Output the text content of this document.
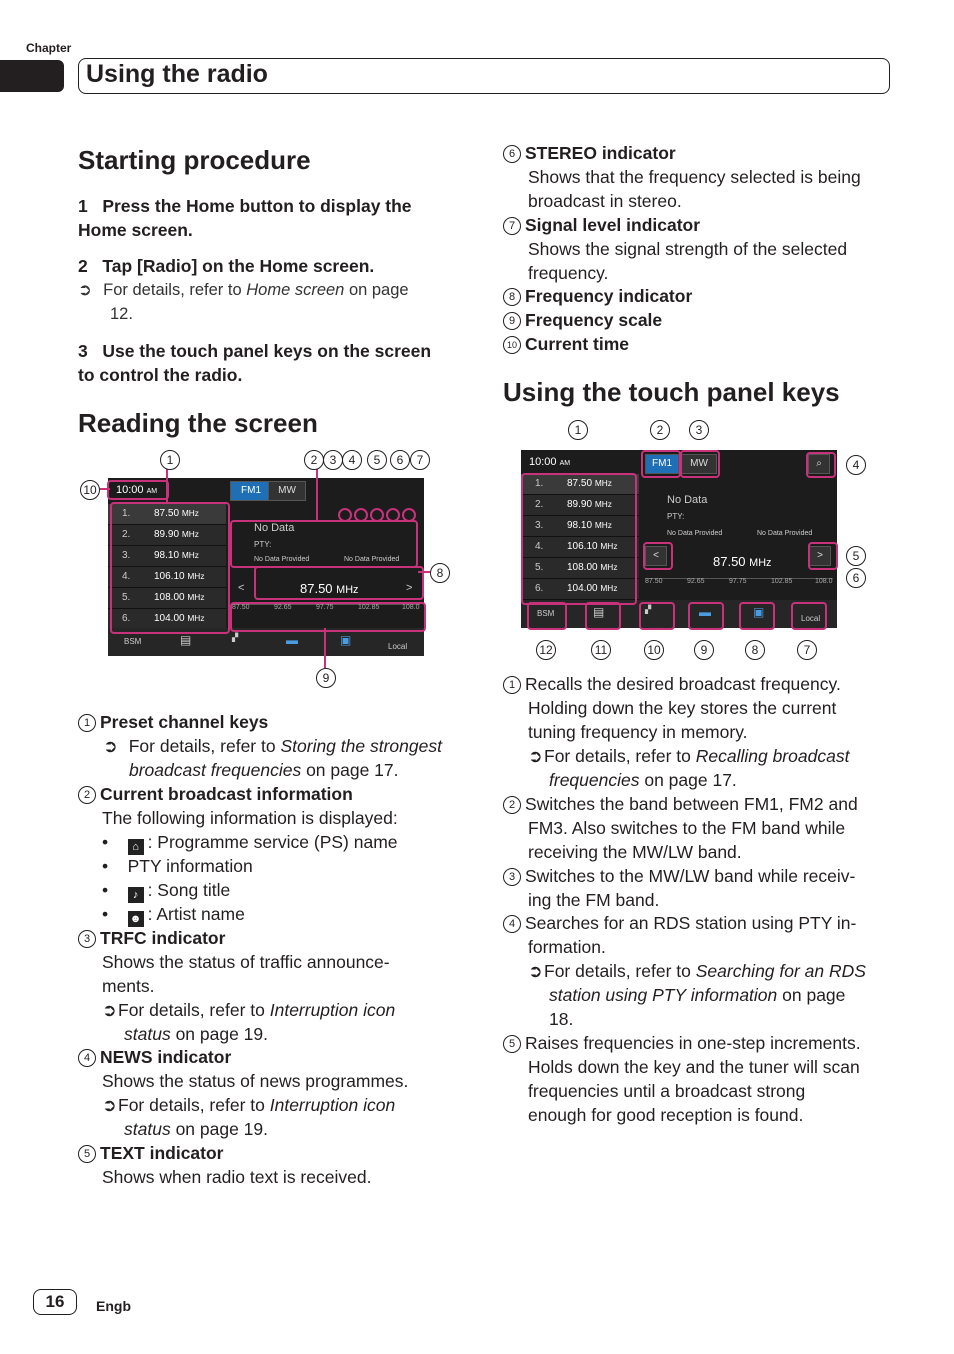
Chapter
Using the radio
Starting procedure
1 Press the Home button to display the
Home screen.
2 Tap [Radio] on the Home screen.
➲ For details, refer to Home screen on page
12.
3 Use the touch panel keys on the screen
to control the radio.
Reading the screen
10:00 AM	FM1	MW
1. 87.50 MHz
2. 89.90 MHz
3. 98.10 MHz
4. 106.10 MHz
5. 108.00 MHz
6. 104.00 MHz
No Data
PTY:
No Data Provided	No Data Provided
<	>
87.50 MHz
87.50	92.65	97.75	102.85	108.0
BSM	▤	▞	▬	▣	Local
1	2	3	4	5	6	7
8
9
10
1 Preset channel keys
➲ For details, refer to Storing the strongest
broadcast frequencies on page 17.
2 Current broadcast information
The following information is displayed:
•    ⌂ : Programme service (PS) name
•    PTY information
•    ♪ : Song title
•    ☻ : Artist name
3 TRFC indicator
Shows the status of traffic announce-
ments.
➲For details, refer to Interruption icon
status on page 19.
4 NEWS indicator
Shows the status of news programmes.
➲For details, refer to Interruption icon
status on page 19.
5 TEXT indicator
Shows when radio text is received.
6 STEREO indicator
Shows that the frequency selected is being
broadcast in stereo.
7 Signal level indicator
Shows the signal strength of the selected
frequency.
8 Frequency indicator
9 Frequency scale
10 Current time
Using the touch panel keys
10:00 AM	FM1	MW	⌕
1. 87.50 MHz
2. 89.90 MHz
3. 98.10 MHz
4. 106.10 MHz
5. 108.00 MHz
6. 104.00 MHz
No Data
PTY:
No Data Provided	No Data Provided
<	>
87.50 MHz
87.50	92.65	97.75	102.85	108.0
BSM	▤	▞	▬	▣	Local
1	2	3
4
5
6
12	11	10	9	8	7
1 Recalls the desired broadcast frequency.
Holding down the key stores the current
tuning frequency in memory.
➲For details, refer to Recalling broadcast
frequencies on page 17.
2 Switches the band between FM1, FM2 and
FM3. Also switches to the FM band while
receiving the MW/LW band.
3 Switches to the MW/LW band while receiv-
ing the FM band.
4 Searches for an RDS station using PTY in-
formation.
➲For details, refer to Searching for an RDS
station using PTY information on page
18.
5 Raises frequencies in one-step increments.
Holds down the key and the tuner will scan
frequencies until a broadcast strong
enough for good reception is found.
16	Engb
